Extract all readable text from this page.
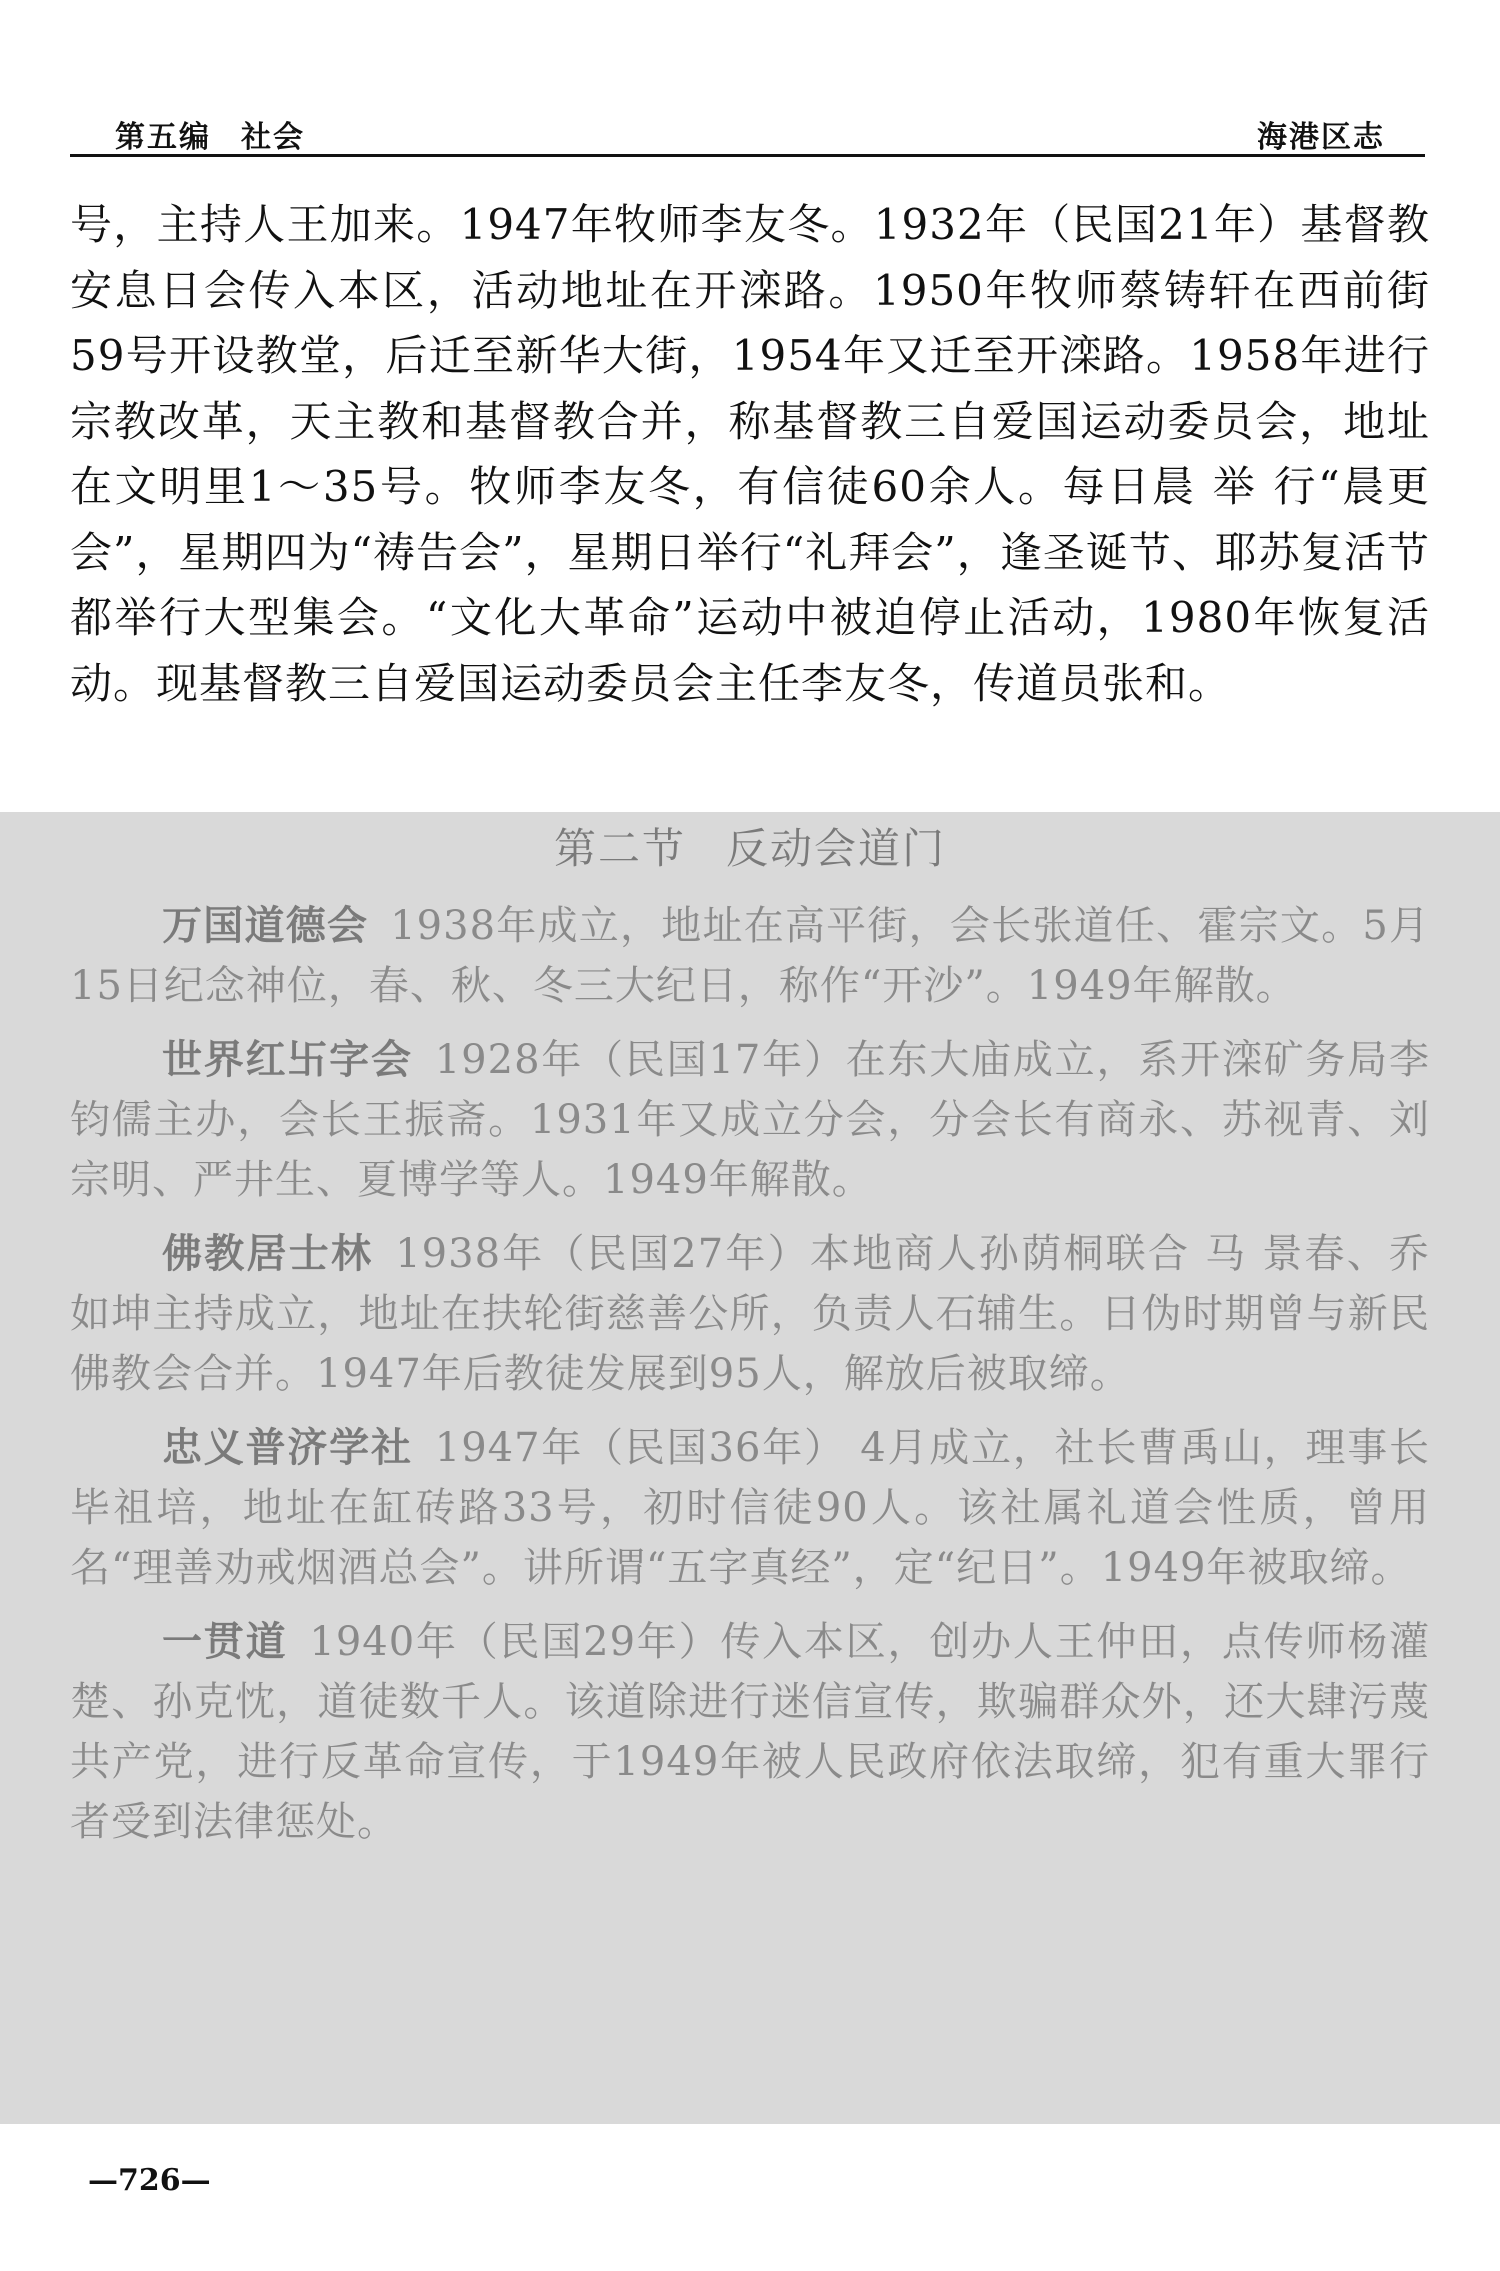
第五编 社会	海港区志

号，主持人王加来。1947年牧师李友冬。1932年（民国21年）基督教安息日会传入本区，活动地址在开滦路。1950年牧师蔡铸轩在西前街59号开设教堂，后迁至新华大街，1954年又迁至开滦路。1958年进行宗教改革，天主教和基督教合并，称基督教三自爱国运动委员会，地址在文明里1～35号。牧师李友冬，有信徒60余人。每日晨 举 行“晨更会”，星期四为“祷告会”，星期日举行“礼拜会”，逢圣诞节、耶苏复活节都举行大型集会。“文化大革命”运动中被迫停止活动，1980年恢复活动。现基督教三自爱国运动委员会主任李友冬，传道员张和。

第二节 反动会道门

万国道德会 1938年成立，地址在高平街，会长张道任、霍宗文。5月15日纪念神位，春、秋、冬三大纪日，称作“开沙”。1949年解散。

世界红卐字会 1928年（民国17年）在东大庙成立，系开滦矿务局李钧儒主办，会长王振斋。1931年又成立分会，分会长有商永、苏视青、刘宗明、严井生、夏博学等人。1949年解散。

佛教居士林 1938年（民国27年）本地商人孙荫桐联合 马 景春、乔如坤主持成立，地址在扶轮街慈善公所，负责人石辅生。日伪时期曾与新民佛教会合并。1947年后教徒发展到95人，解放后被取缔。

忠义普济学社 1947年（民国36年） 4月成立，社长曹禹山，理事长毕祖培，地址在缸砖路33号，初时信徒90人。该社属礼道会性质，曾用名“理善劝戒烟酒总会”。讲所谓“五字真经”，定“纪日”。1949年被取缔。

一贯道 1940年（民国29年）传入本区，创办人王仲田，点传师杨灌楚、孙克忱，道徒数千人。该道除进行迷信宣传，欺骗群众外，还大肆污蔑共产党，进行反革命宣传，于1949年被人民政府依法取缔，犯有重大罪行者受到法律惩处。

—726—
